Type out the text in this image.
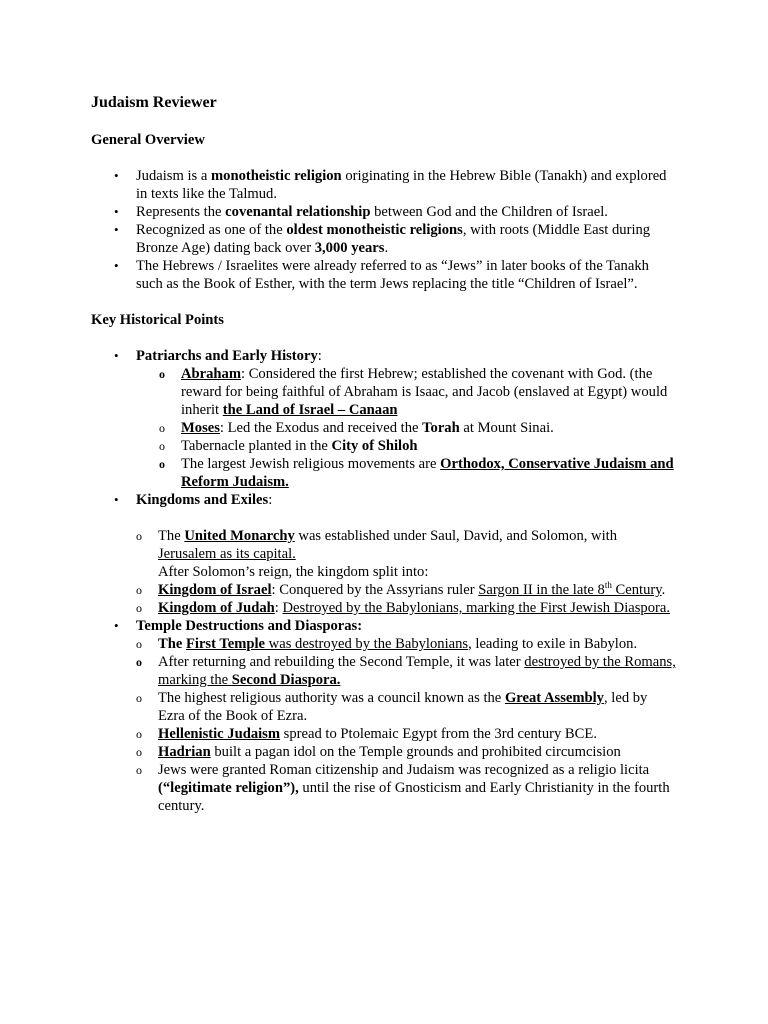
Judaism Reviewer
General Overview
• Judaism is a monotheistic religion originating in the Hebrew Bible (Tanakh) and explored in texts like the Talmud.
• Represents the covenantal relationship between God and the Children of Israel.
• Recognized as one of the oldest monotheistic religions, with roots (Middle East during Bronze Age) dating back over 3,000 years.
• The Hebrews / Israelites were already referred to as “Jews” in later books of the Tanakh such as the Book of Esther, with the term Jews replacing the title “Children of Israel”.
Key Historical Points
• Patriarchs and Early History:
o Abraham: Considered the first Hebrew; established the covenant with God. (the reward for being faithful of Abraham is Isaac, and Jacob (enslaved at Egypt) would inherit the Land of Israel – Canaan
o Moses: Led the Exodus and received the Torah at Mount Sinai.
o Tabernacle planted in the City of Shiloh
o The largest Jewish religious movements are Orthodox, Conservative Judaism and Reform Judaism.
• Kingdoms and Exiles:
o The United Monarchy was established under Saul, David, and Solomon, with Jerusalem as its capital.
After Solomon’s reign, the kingdom split into:
o Kingdom of Israel: Conquered by the Assyrians ruler Sargon II in the late 8th Century.
o Kingdom of Judah: Destroyed by the Babylonians, marking the First Jewish Diaspora.
• Temple Destructions and Diasporas:
o The First Temple was destroyed by the Babylonians, leading to exile in Babylon.
o After returning and rebuilding the Second Temple, it was later destroyed by the Romans, marking the Second Diaspora.
o The highest religious authority was a council known as the Great Assembly, led by Ezra of the Book of Ezra.
o Hellenistic Judaism spread to Ptolemaic Egypt from the 3rd century BCE.
o Hadrian built a pagan idol on the Temple grounds and prohibited circumcision
o Jews were granted Roman citizenship and Judaism was recognized as a religio licita (“legitimate religion”), until the rise of Gnosticism and Early Christianity in the fourth century.
